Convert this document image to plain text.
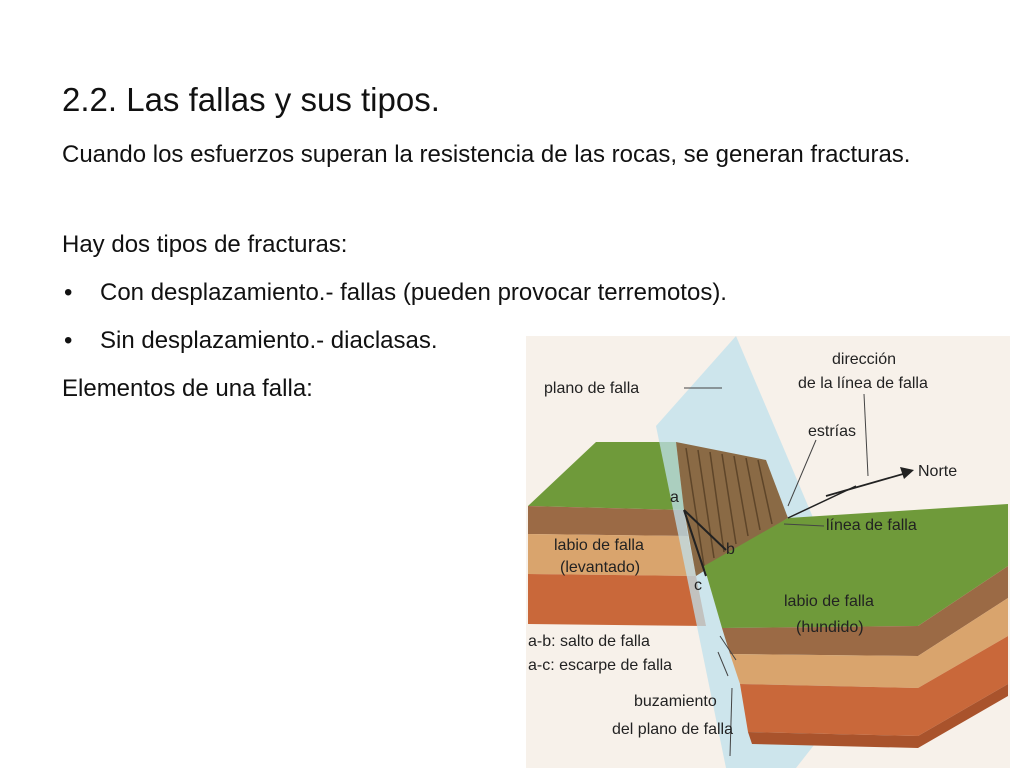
2.2. Las fallas y sus tipos.

Cuando los esfuerzos superan la resistencia de las rocas, se generan fracturas.

Hay dos tipos de fracturas:

• Con desplazamiento.- fallas (pueden provocar terremotos).
• Sin desplazamiento.- diaclasas.

Elementos de una falla:	plano de falla
dirección
de la línea de falla
estrías
Norte
línea de falla
labio de falla
(levantado)
labio de falla
(hundido)
a
b
c
a-b: salto de falla
a-c: escarpe de falla
buzamiento
del plano de falla
